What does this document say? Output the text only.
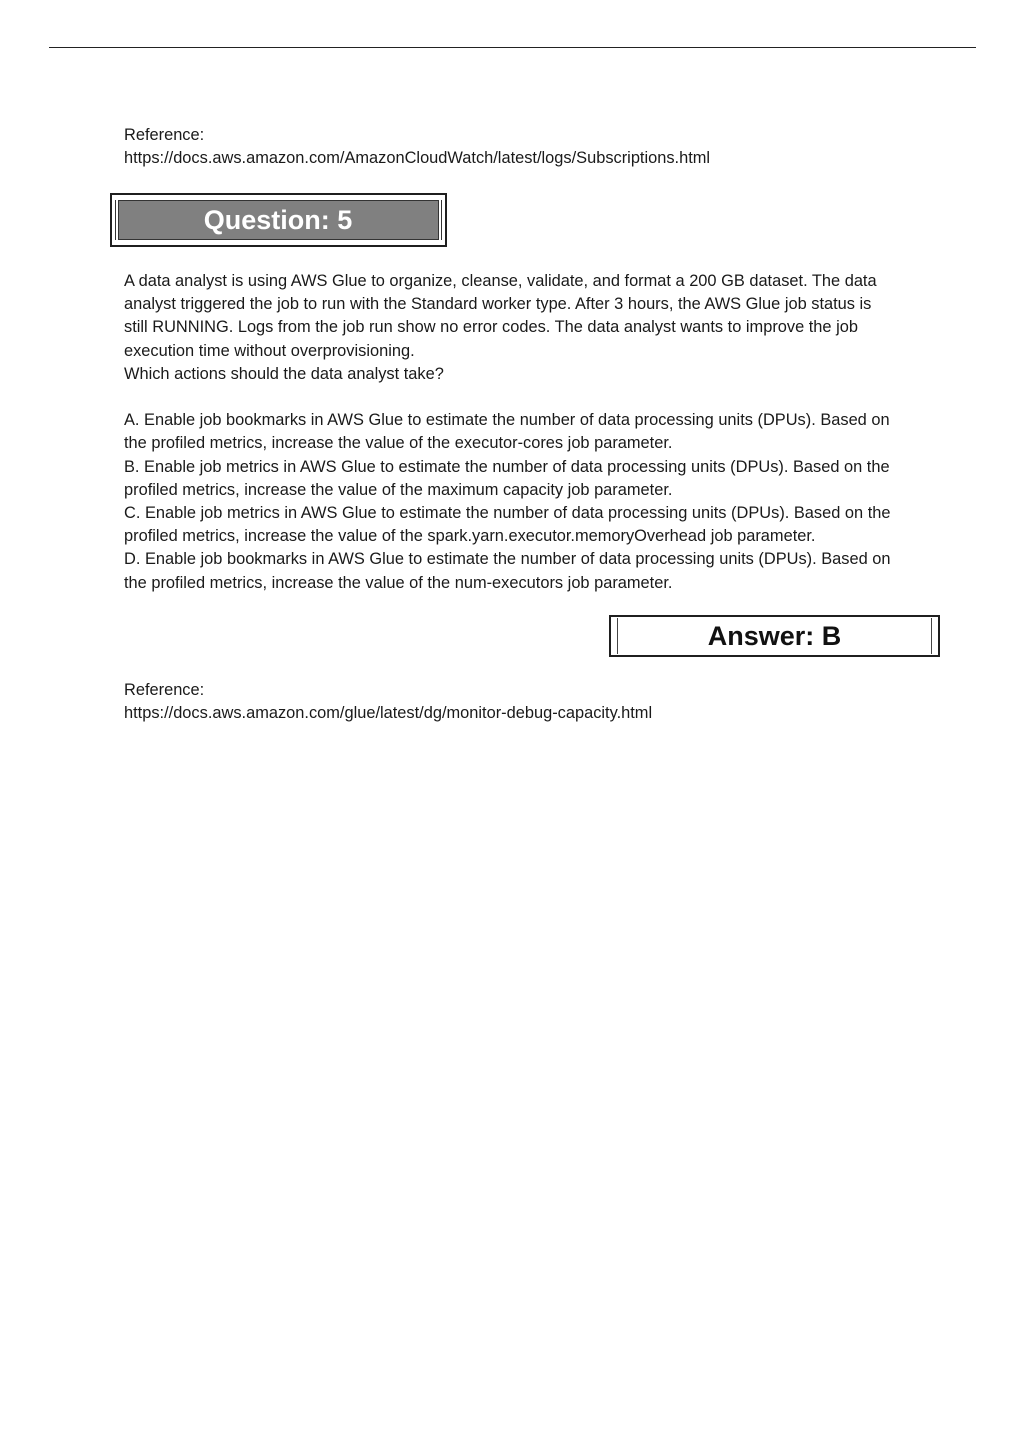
Reference:

https://docs.aws.amazon.com/AmazonCloudWatch/latest/logs/Subscriptions.html

Question: 5

A data analyst is using AWS Glue to organize, cleanse, validate, and format a 200 GB dataset. The data

analyst triggered the job to run with the Standard worker type. After 3 hours, the AWS Glue job status is

still RUNNING. Logs from the job run show no error codes. The data analyst wants to improve the job

execution time without overprovisioning.

Which actions should the data analyst take?

A. Enable job bookmarks in AWS Glue to estimate the number of data processing units (DPUs). Based on

the profiled metrics, increase the value of the executor-cores job parameter.

B. Enable job metrics in AWS Glue to estimate the number of data processing units (DPUs). Based on the

profiled metrics, increase the value of the maximum capacity job parameter.

C. Enable job metrics in AWS Glue to estimate the number of data processing units (DPUs). Based on the

profiled metrics, increase the value of the spark.yarn.executor.memoryOverhead job parameter.

D. Enable job bookmarks in AWS Glue to estimate the number of data processing units (DPUs). Based on

the profiled metrics, increase the value of the num-executors job parameter.

Answer: B

Reference:

https://docs.aws.amazon.com/glue/latest/dg/monitor-debug-capacity.html
